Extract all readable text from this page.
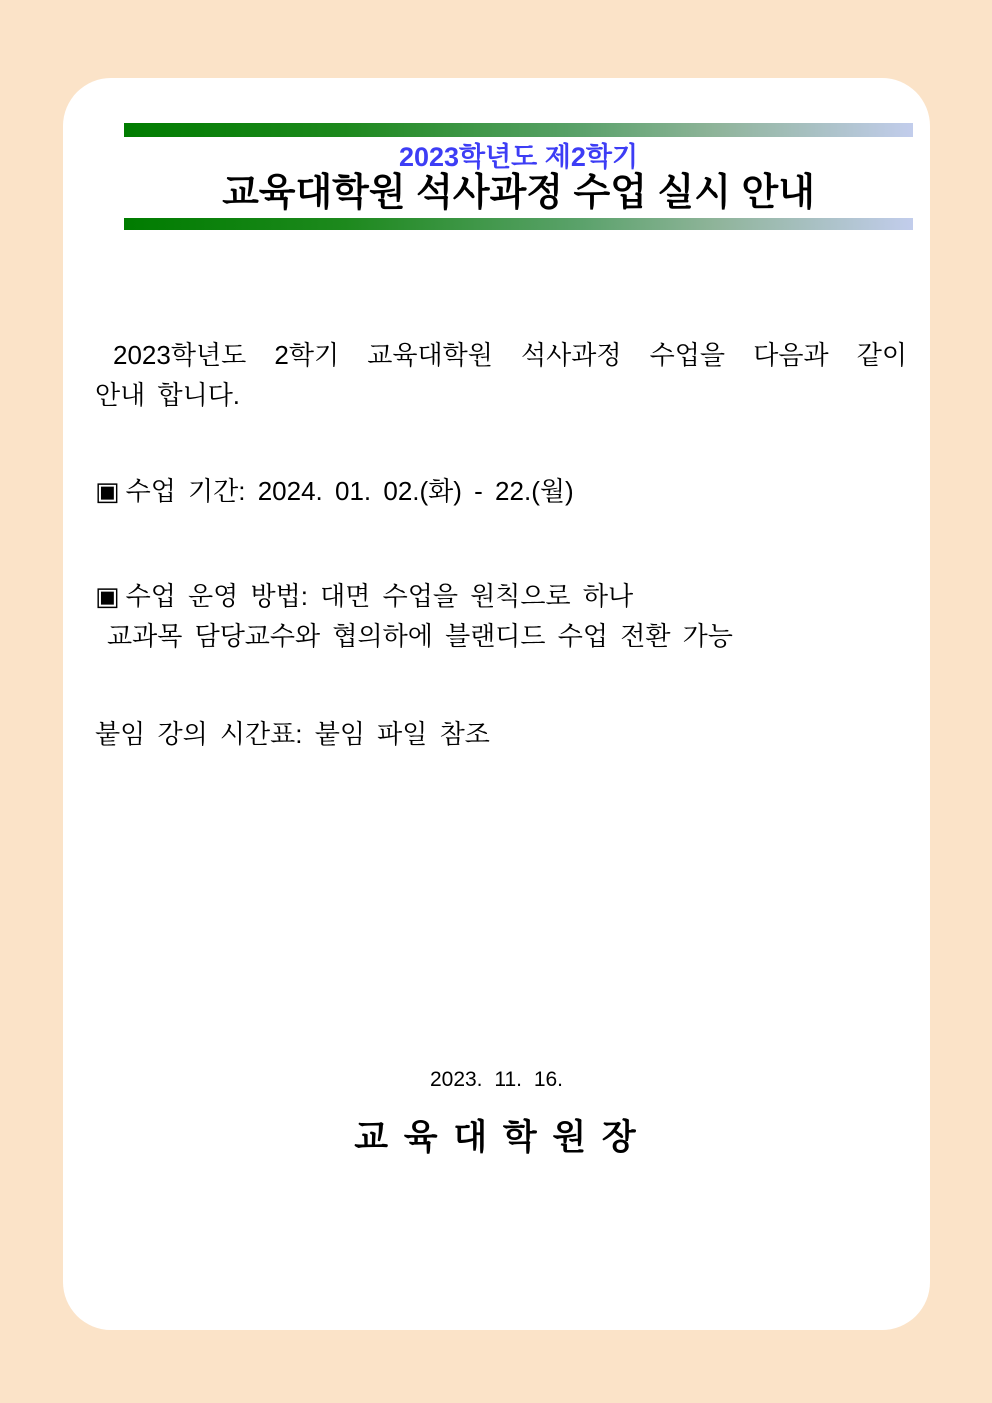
2023학년도 제2학기
교육대학원 석사과정 수업 실시 안내
2023학년도 2학기 교육대학원 석사과정 수업을 다음과 같이
안내 합니다.
▣ 수업 기간: 2024. 01. 02.(화) - 22.(월)
▣ 수업 운영 방법: 대면 수업을 원칙으로 하나
교과목 담당교수와 협의하에 블랜디드 수업 전환 가능
붙임 강의 시간표: 붙임 파일 참조
2023. 11. 16.
교 육 대 학 원 장
